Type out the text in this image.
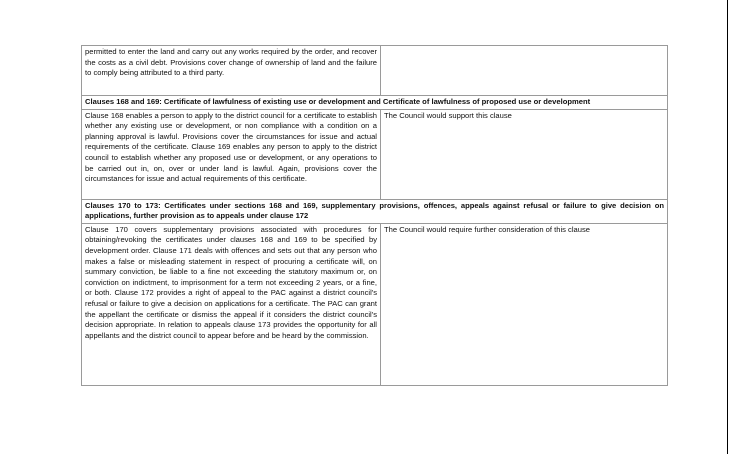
permitted to enter the land and carry out any works required by the order, and recover the costs as a civil debt. Provisions cover change of ownership of land and the failure to comply being attributed to a third party.	
Clauses 168 and 169: Certificate of lawfulness of existing use or development and Certificate of lawfulness of proposed use or development	
Clause 168 enables a person to apply to the district council for a certificate to establish whether any existing use or development, or non compliance with a condition on a planning approval is lawful. Provisions cover the circumstances for issue and actual requirements of the certificate. Clause 169 enables any person to apply to the district council to establish whether any proposed use or development, or any operations to be carried out in, on, over or under land is lawful. Again, provisions cover the circumstances for issue and actual requirements of this certificate.	The Council would support this clause
Clauses 170 to 173: Certificates under sections 168 and 169, supplementary provisions, offences, appeals against refusal or failure to give decision on applications, further provision as to appeals under clause 172	
Clause 170 covers supplementary provisions associated with procedures for obtaining/revoking the certificates under clauses 168 and 169 to be specified by development order. Clause 171 deals with offences and sets out that any person who makes a false or misleading statement in respect of procuring a certificate will, on summary conviction, be liable to a fine not exceeding the statutory maximum or, on conviction on indictment, to imprisonment for a term not exceeding 2 years, or a fine, or both. Clause 172 provides a right of appeal to the PAC against a district council's refusal or failure to give a decision on applications for a certificate. The PAC can grant the appellant the certificate or dismiss the appeal if it considers the district council's decision appropriate. In relation to appeals clause 173 provides the opportunity for all appellants and the district council to appear before and be heard by the commission.	The Council would require further consideration of this clause
